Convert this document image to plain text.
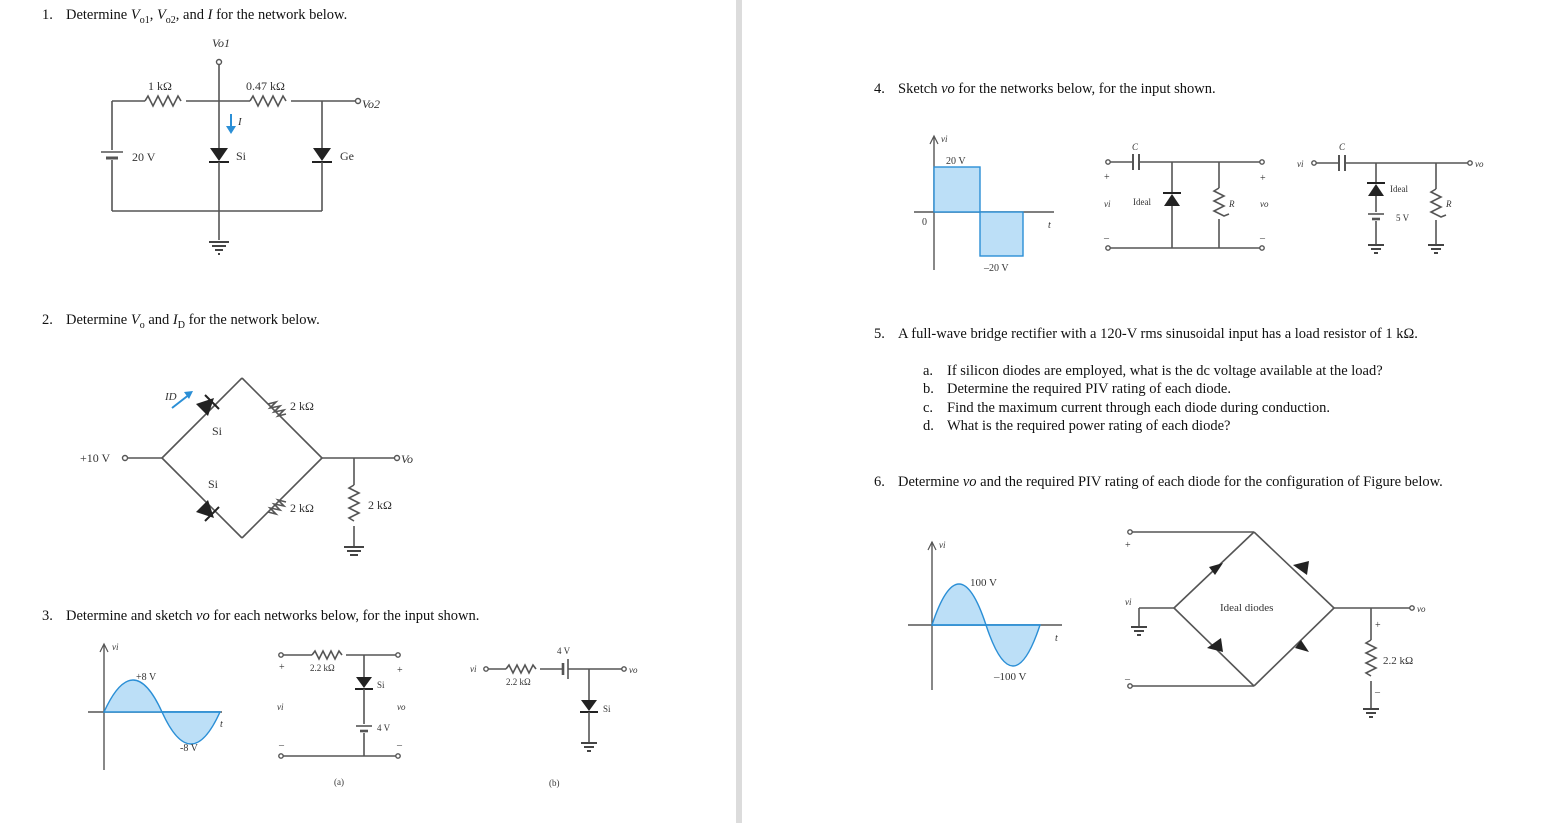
1. Determine $V_{o1}$, $V_{o2}$, and I for the network below.
Vo1
Vo2
1 kΩ	0.47 kΩ
20 V	Si
I
Ge
2. Determine $V_o$ and $I_D$ for the network below.
+10 V
Si
Si
ID
2 kΩ
2 kΩ
Vo
2 kΩ
3. Determine and sketch vo for each networks below, for the input shown.
vi
+8 V
-8 V
t
2.2 kΩ
+	+
vi	vo
–	–
Si
4 V
(a)
vi
2.2 kΩ
4 V
vo
Si
(b)
4. Sketch vo for the networks below, for the input shown.
vi
20 V
–20 V
0	t
C
+	+
vi	vo
–	–
Ideal	R
vi
C
vo
Ideal
5 V
R
5. A full-wave bridge rectifier with a 120-V rms sinusoidal input has a load resistor of 1 kΩ.
a. If silicon diodes are employed, what is the dc voltage available at the load?
b. Determine the required PIV rating of each diode.
c. Find the maximum current through each diode during conduction.
d. What is the required power rating of each diode?
6. Determine vo and the required PIV rating of each diode for the configuration of Figure below.
vi
100 V
–100 V
t
+
Ideal diodes
vi
–
vo
+
2.2 kΩ
–
